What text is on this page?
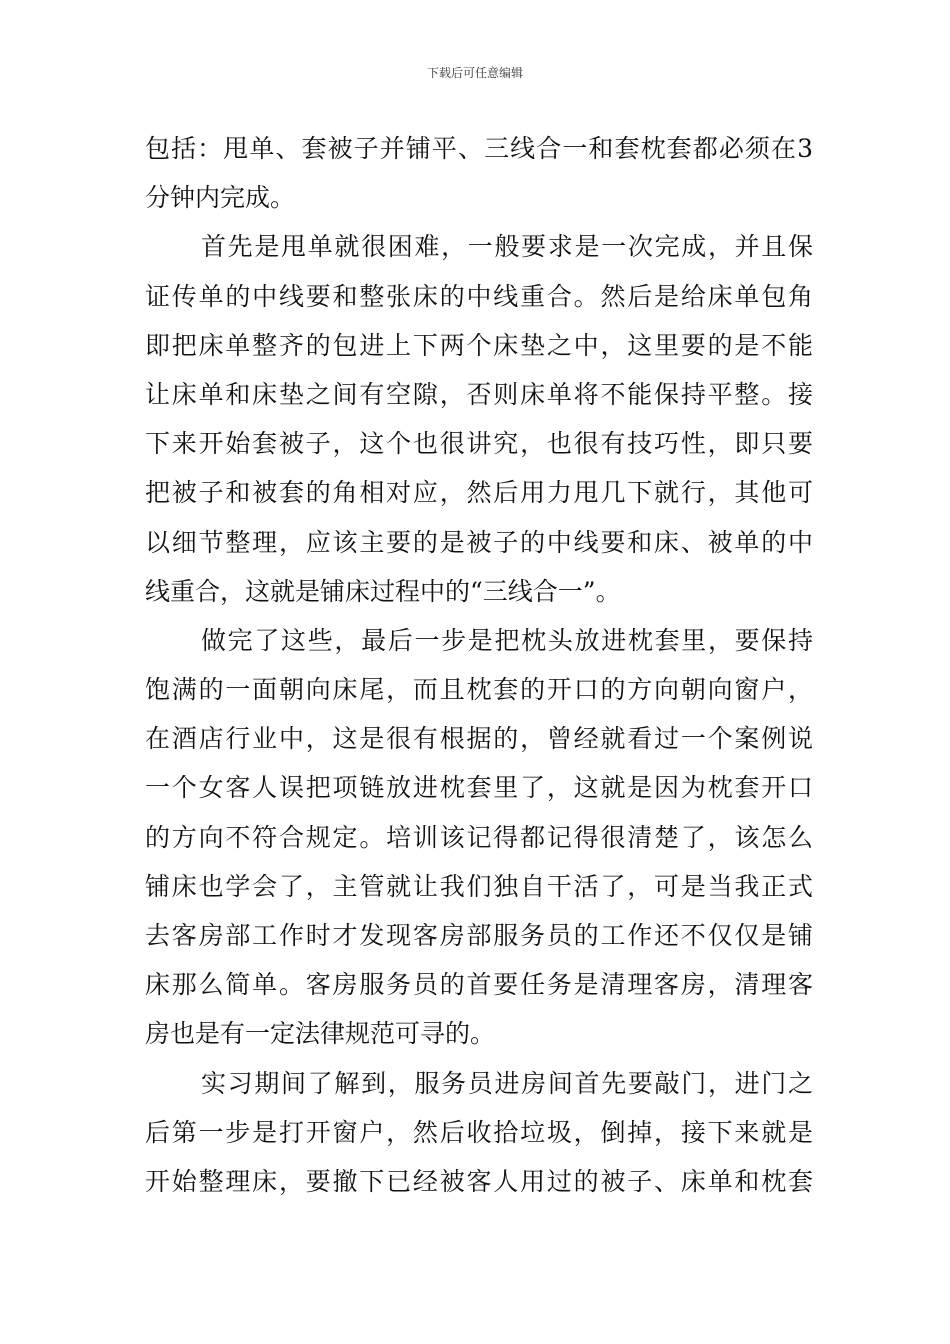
下载后可任意编辑
包括：甩单、套被子并铺平、三线合一和套枕套都必须在3
分钟内完成。
首先是甩单就很困难，一般要求是一次完成，并且保
证传单的中线要和整张床的中线重合。然后是给床单包角
即把床单整齐的包进上下两个床垫之中，这里要的是不能
让床单和床垫之间有空隙，否则床单将不能保持平整。接
下来开始套被子，这个也很讲究，也很有技巧性，即只要
把被子和被套的角相对应，然后用力甩几下就行，其他可
以细节整理，应该主要的是被子的中线要和床、被单的中
线重合，这就是铺床过程中的“三线合一”。
做完了这些，最后一步是把枕头放进枕套里，要保持
饱满的一面朝向床尾，而且枕套的开口的方向朝向窗户，
在酒店行业中，这是很有根据的，曾经就看过一个案例说
一个女客人误把项链放进枕套里了，这就是因为枕套开口
的方向不符合规定。培训该记得都记得很清楚了，该怎么
铺床也学会了，主管就让我们独自干活了，可是当我正式
去客房部工作时才发现客房部服务员的工作还不仅仅是铺
床那么简单。客房服务员的首要任务是清理客房，清理客
房也是有一定法律规范可寻的。
实习期间了解到，服务员进房间首先要敲门，进门之
后第一步是打开窗户，然后收拾垃圾，倒掉，接下来就是
开始整理床，要撤下已经被客人用过的被子、床单和枕套
